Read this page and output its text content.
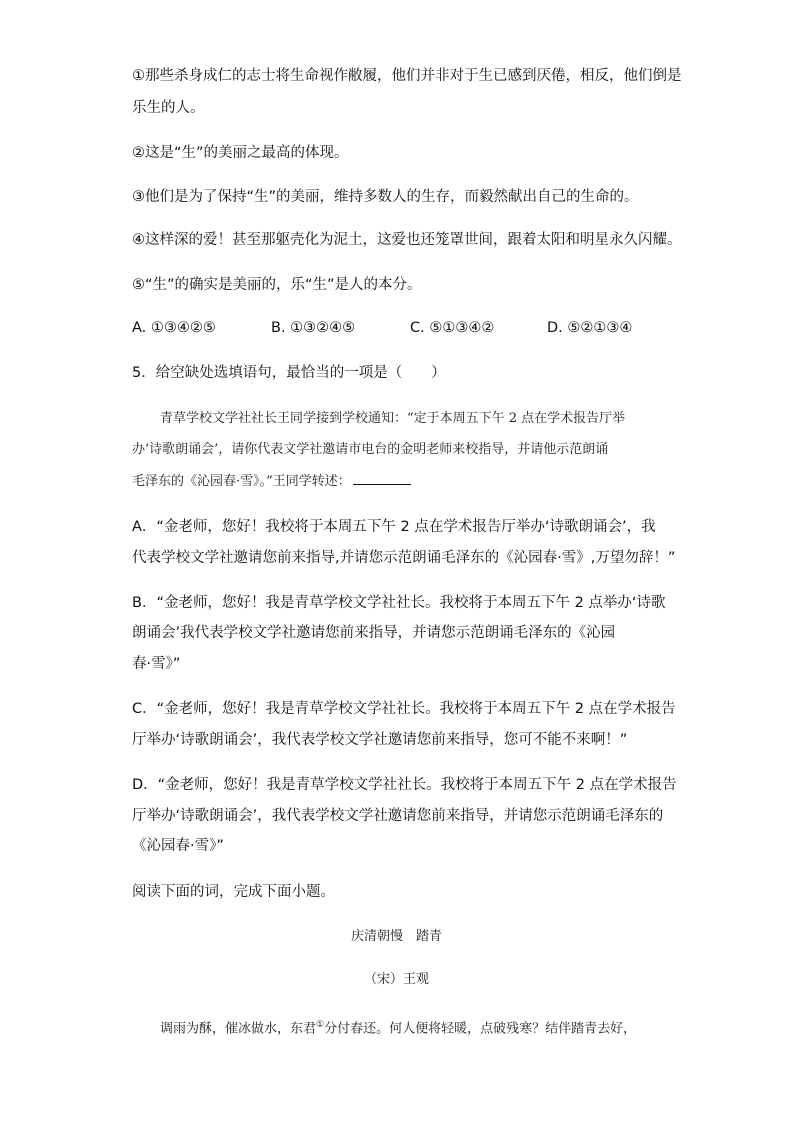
①那些杀身成仁的志士将生命视作敝履，他们并非对于生已感到厌倦，相反，他们倒是
乐生的人。
②这是“生”的美丽之最高的体现。
③他们是为了保持“生”的美丽，维持多数人的生存，而毅然献出自己的生命的。
④这样深的爱！甚至那躯壳化为泥土，这爱也还笼罩世间，跟着太阳和明星永久闪耀。
⑤“生”的确实是美丽的，乐“生”是人的本分。
A. ①③④②⑤	B. ①③②④⑤	C. ⑤①③④②	D. ⑤②①③④
5．给空缺处选填语句，最恰当的一项是（　　）
青草学校文学社社长王同学接到学校通知：“定于本周五下午 2 点在学术报告厅举
办‘诗歌朗诵会’，请你代表文学社邀请市电台的金明老师来校指导，并请他示范朗诵
毛泽东的《沁园春·雪》。”王同学转述：
A．“金老师，您好！我校将于本周五下午 2 点在学术报告厅举办‘诗歌朗诵会’，我
代表学校文学社邀请您前来指导,并请您示范朗诵毛泽东的《沁园春·雪》,万望勿辞！”
B．“金老师，您好！我是青草学校文学社社长。我校将于本周五下午 2 点举办‘诗歌
朗诵会’我代表学校文学社邀请您前来指导，并请您示范朗诵毛泽东的《沁园
春·雪》”
C．“金老师，您好！我是青草学校文学社社长。我校将于本周五下午 2 点在学术报告
厅举办‘诗歌朗诵会’，我代表学校文学社邀请您前来指导，您可不能不来啊！”
D．“金老师，您好！我是青草学校文学社社长。我校将于本周五下午 2 点在学术报告
厅举办‘诗歌朗诵会’，我代表学校文学社邀请您前来指导，并请您示范朗诵毛泽东的
《沁园春·雪》”
阅读下面的词，完成下面小题。
庆清朝慢　踏青
（宋）王观
调雨为酥，催冰做水，东君①分付春还。何人便将轻暖，点破残寒？结伴踏青去好，
